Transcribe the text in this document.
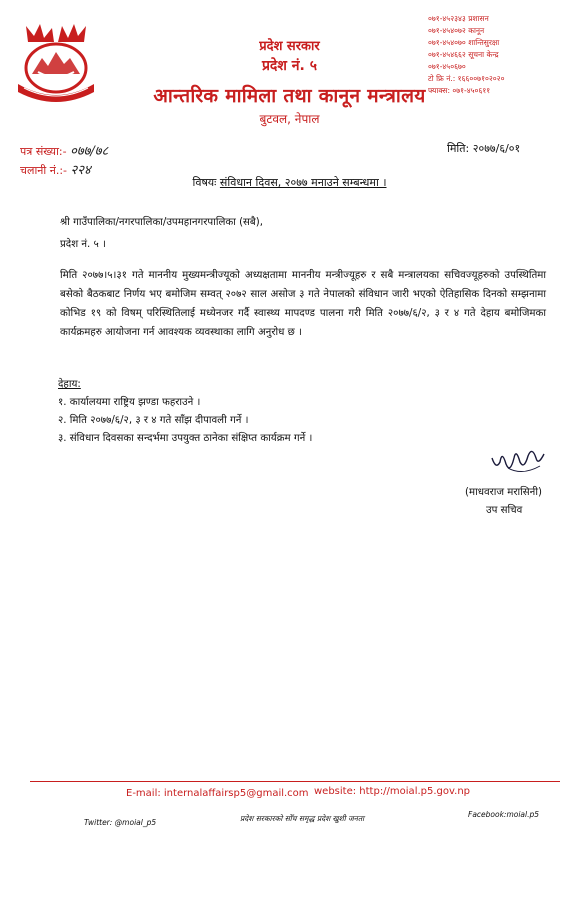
प्रदेश सरकार
प्रदेश नं. ५
आन्तरिक मामिला तथा कानून मन्त्रालय
बुटवल, नेपाल
०७१-४५२३४३ प्रशासन
०७१-४५४०७२ कानून
०७१-४५४०७० शान्तिसुरक्षा
०७१-४५४६६२ सूचना केन्द्र
०७१-४५०६७०
टो फ्रि नं.: १६६००७१०२०२०
फ्याक्स: ०७१-४५०६११
पत्र संख्या:- ०७७/७८
चलानी नं.:- २२४
मिति: २०७७/६/०१
विषयः संविधान दिवस, २०७७ मनाउने सम्बन्धमा ।
श्री गाउँपालिका/नगरपालिका/उपमहानगरपालिका (सबै),
प्रदेश नं. ५ ।
मिति २०७७।५।३१ गते माननीय मुख्यमन्त्रीज्यूको अध्यक्षतामा माननीय मन्त्रीज्यूहरु र सबै मन्त्रालयका सचिवज्यूहरुको उपस्थितिमा बसेको बैठकबाट निर्णय भए बमोजिम सम्वत् २०७२ साल असोज ३ गते नेपालको संविधान जारी भएको ऐतिहासिक दिनको सम्झनामा कोभिड १९ को विषम् परिस्थितिलाई मध्येनजर गर्दै स्वास्थ्य मापदण्ड पालना गरी मिति २०७७/६/२, ३ र ४ गते देहाय बमोजिमका कार्यक्रमहरु आयोजना गर्न आवश्यक व्यवस्थाका लागि अनुरोध छ ।
देहाय:
१. कार्यालयमा राष्ट्रिय झण्डा फहराउने ।
२. मिति २०७७/६/२, ३ र ४ गते साँझ दीपावली गर्ने ।
३. संविधान दिवसका सन्दर्भमा उपयुक्त ठानेका संक्षिप्त कार्यक्रम गर्ने ।
(माधवराज मरासिनी)
उप सचिव
E-mail: internalaffairsp5@gmail.com website: http://moial.p5.gov.np
Twitter: @moial_p5	प्रदेश सरकारको सोँच समृद्ध प्रदेश खुशी जनता	Facebook:moial.p5
